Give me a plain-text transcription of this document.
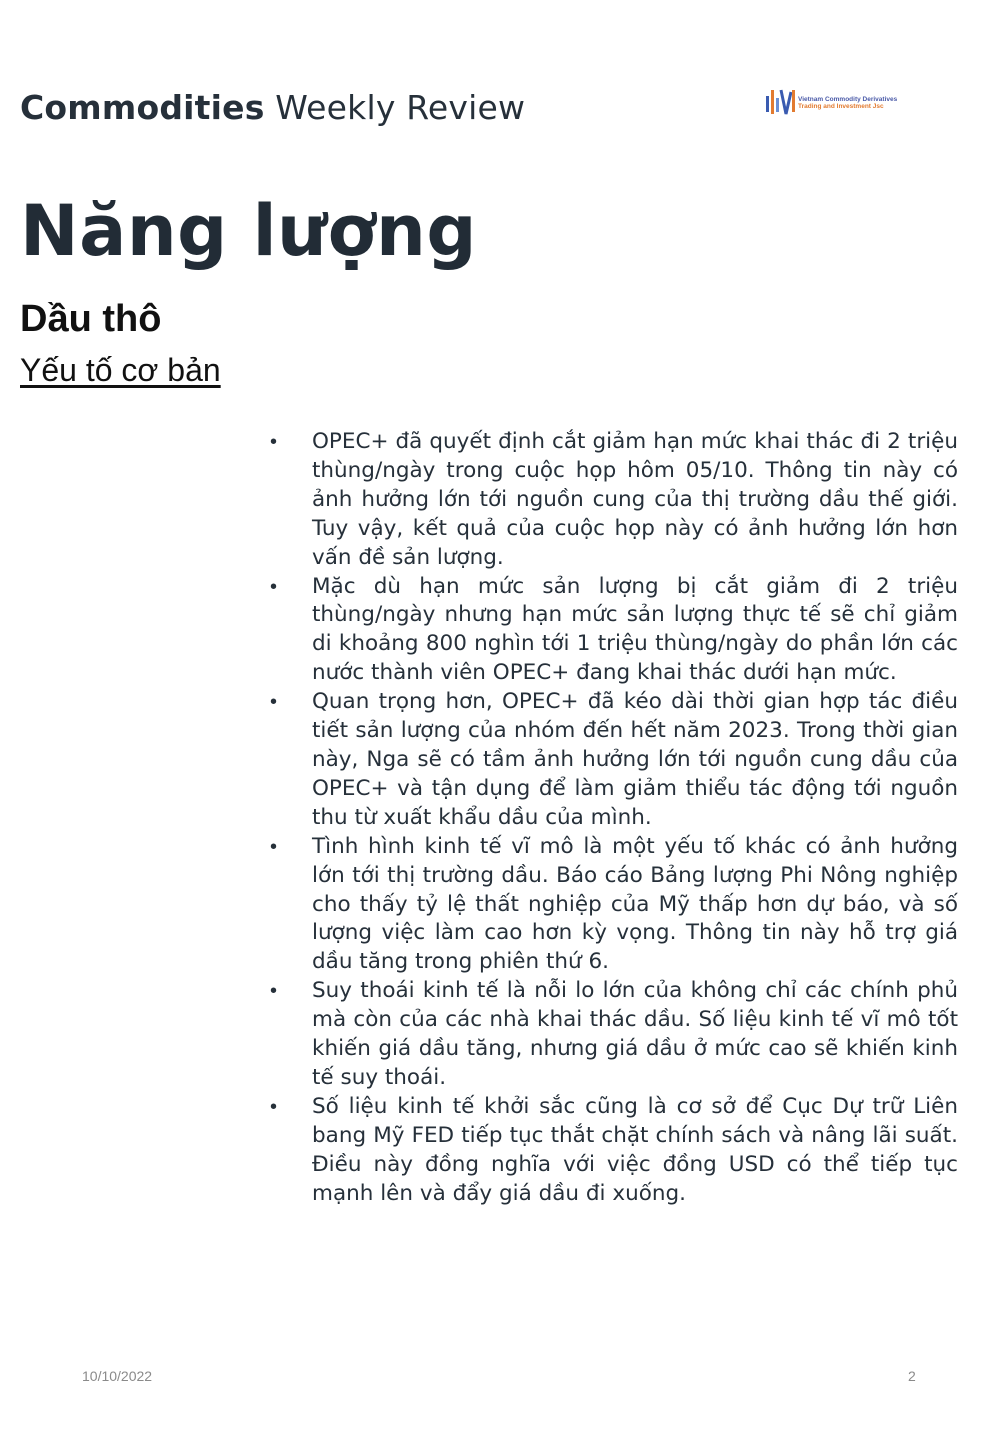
Commodities Weekly Review	Vietnam Commodity Derivatives
Trading and Investment Jsc
Năng lượng
Dầu thô
Yếu tố cơ bản
• OPEC+ đã quyết định cắt giảm hạn mức khai thác đi 2 triệu thùng/ngày trong cuộc họp hôm 05/10. Thông tin này có ảnh hưởng lớn tới nguồn cung của thị trường dầu thế giới. Tuy vậy, kết quả của cuộc họp này có ảnh hưởng lớn hơn vấn đề sản lượng.
• Mặc dù hạn mức sản lượng bị cắt giảm đi 2 triệu thùng/ngày nhưng hạn mức sản lượng thực tế sẽ chỉ giảm di khoảng 800 nghìn tới 1 triệu thùng/ngày do phần lớn các nước thành viên OPEC+ đang khai thác dưới hạn mức.
• Quan trọng hơn, OPEC+ đã kéo dài thời gian hợp tác điều tiết sản lượng của nhóm đến hết năm 2023. Trong thời gian này, Nga sẽ có tầm ảnh hưởng lớn tới nguồn cung dầu của OPEC+ và tận dụng để làm giảm thiểu tác động tới nguồn thu từ xuất khẩu dầu của mình.
• Tình hình kinh tế vĩ mô là một yếu tố khác có ảnh hưởng lớn tới thị trường dầu. Báo cáo Bảng lượng Phi Nông nghiệp cho thấy tỷ lệ thất nghiệp của Mỹ thấp hơn dự báo, và số lượng việc làm cao hơn kỳ vọng. Thông tin này hỗ trợ giá dầu tăng trong phiên thứ 6.
• Suy thoái kinh tế là nỗi lo lớn của không chỉ các chính phủ mà còn của các nhà khai thác dầu. Số liệu kinh tế vĩ mô tốt khiến giá dầu tăng, nhưng giá dầu ở mức cao sẽ khiến kinh tế suy thoái.
• Số liệu kinh tế khởi sắc cũng là cơ sở để Cục Dự trữ Liên bang Mỹ FED tiếp tục thắt chặt chính sách và nâng lãi suất. Điều này đồng nghĩa với việc đồng USD có thể tiếp tục mạnh lên và đẩy giá dầu đi xuống.
10/10/2022	2
